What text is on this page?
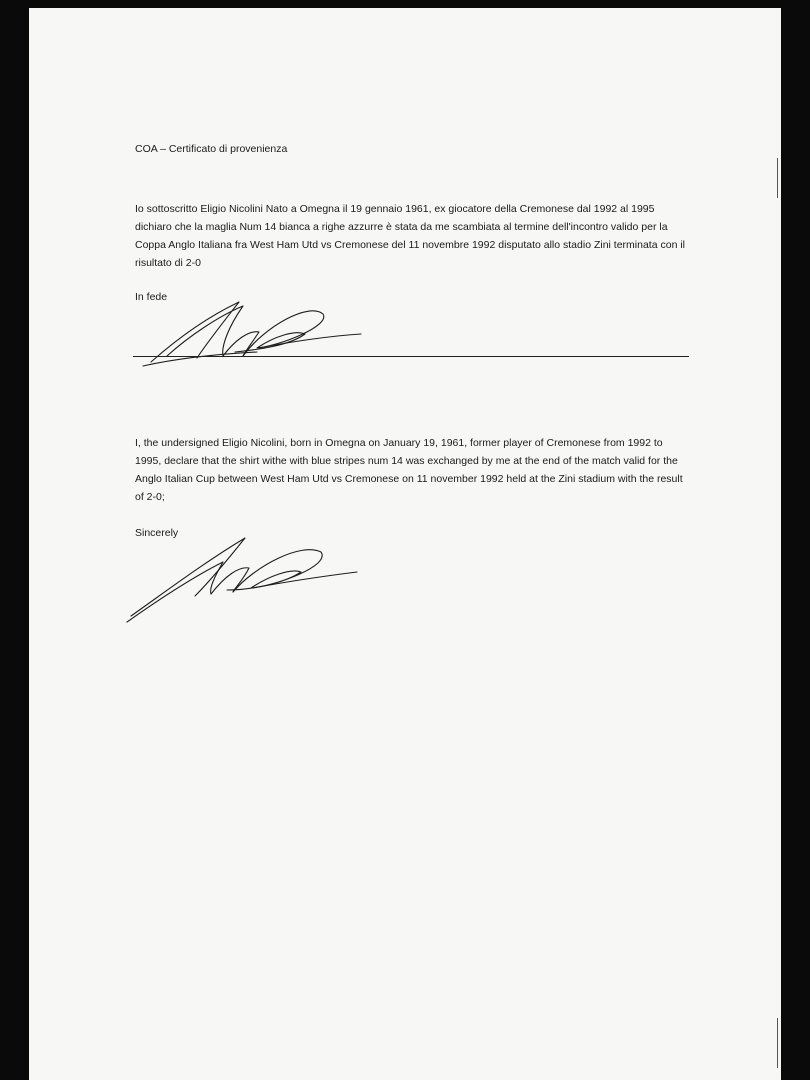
COA – Certificato di provenienza

Io sottoscritto Eligio Nicolini Nato a Omegna il 19 gennaio 1961, ex giocatore della Cremonese dal 1992 al 1995 dichiaro che la maglia Num 14 bianca a righe azzurre è stata da me scambiata al termine dell'incontro valido per la Coppa Anglo Italiana fra West Ham Utd vs Cremonese del 11 novembre 1992 disputato allo stadio Zini terminata con il risultato di 2-0

In fede

I, the undersigned Eligio Nicolini, born in Omegna on January 19, 1961, former player of Cremonese from 1992 to 1995, declare that the shirt withe with blue stripes num 14 was exchanged by me at the end of the match valid for the Anglo Italian Cup between West Ham Utd vs Cremonese on 11 november 1992 held at the Zini stadium with the result of 2-0;

Sincerely
